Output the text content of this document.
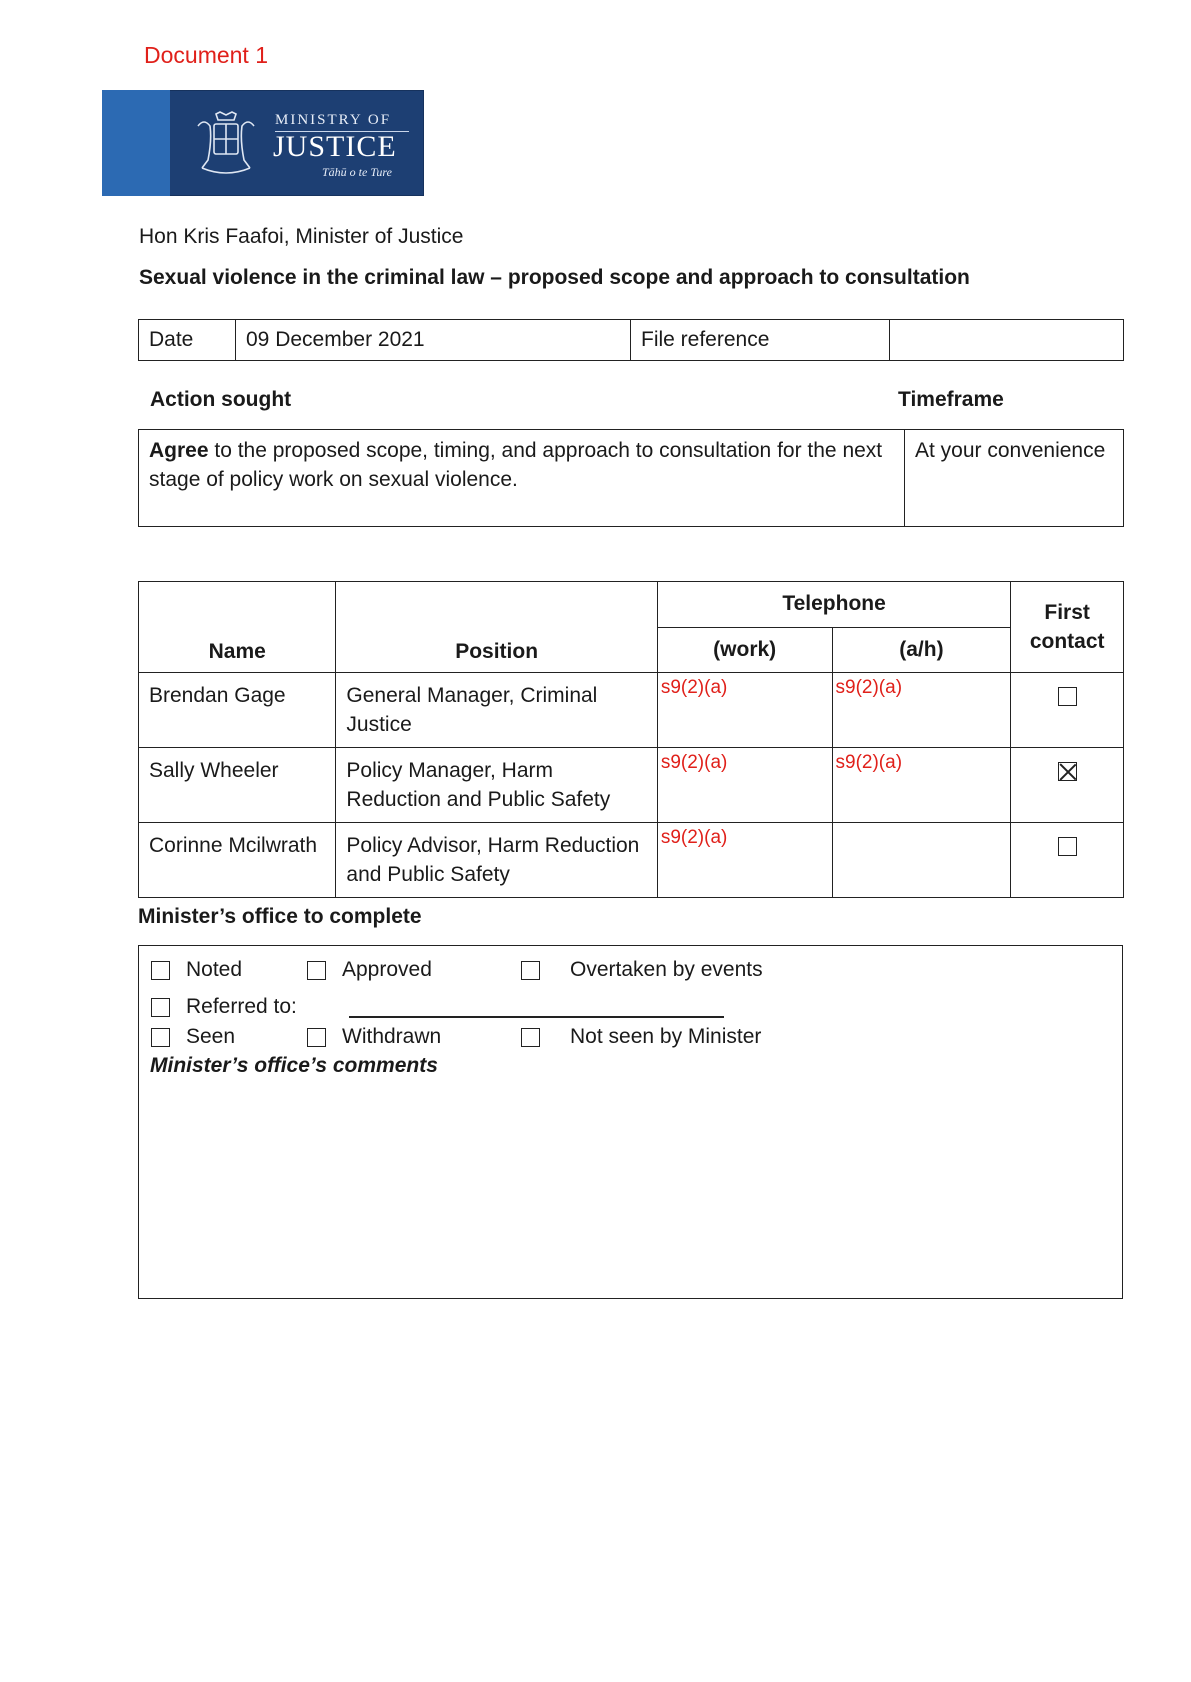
Document 1
MINISTRY OF
JUSTICE
Tāhū o te Ture
Hon Kris Faafoi, Minister of Justice
Sexual violence in the criminal law – proposed scope and approach to consultation
Date	09 December 2021	File reference	
Action sought	Timeframe
Agree to the proposed scope, timing, and approach to consultation for the next stage of policy work on sexual violence.	At your convenience
Name	Position	Telephone		First contact
		(work)	(a/h)	
Brendan Gage	General Manager, Criminal Justice	s9(2)(a)	s9(2)(a)	
Sally Wheeler	Policy Manager, Harm Reduction and Public Safety	s9(2)(a)	s9(2)(a)	
Corinne Mcilwrath	Policy Advisor, Harm Reduction and Public Safety	s9(2)(a)		
Minister’s office to complete
Noted	Approved	Overtaken by events
Referred to:
Seen	Withdrawn	Not seen by Minister
Minister’s office’s comments
